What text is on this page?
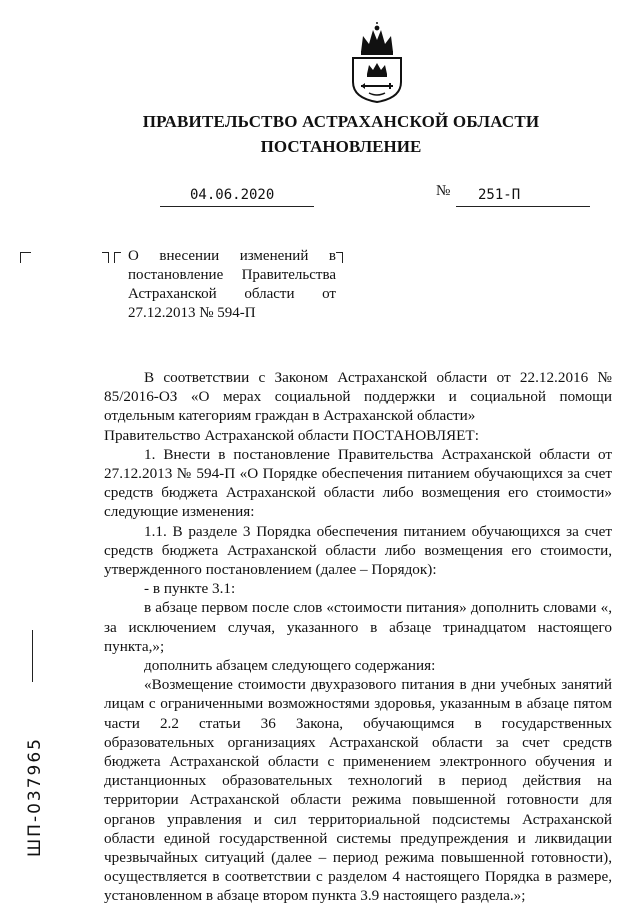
ПРАВИТЕЛЬСТВО АСТРАХАНСКОЙ ОБЛАСТИ
ПОСТАНОВЛЕНИЕ
04.06.2020	№ 251-П
О внесении изменений в
постановление Правительства
Астраханской области от
27.12.2013 № 594-П

В соответствии с Законом Астраханской области от 22.12.2016 № 85/2016-ОЗ «О мерах социальной поддержки и социальной помощи отдельным категориям граждан в Астраханской области»

Правительство Астраханской области ПОСТАНОВЛЯЕТ:

1. Внести в постановление Правительства Астраханской области от 27.12.2013 № 594-П «О Порядке обеспечения питанием обучающихся за счет средств бюджета Астраханской области либо возмещения его стоимости» следующие изменения:

1.1. В разделе 3 Порядка обеспечения питанием обучающихся за счет средств бюджета Астраханской области либо возмещения его стоимости, утвержденного постановлением (далее – Порядок):

- в пункте 3.1:

в абзаце первом после слов «стоимости питания» дополнить словами «, за исключением случая, указанного в абзаце тринадцатом настоящего пункта,»;

дополнить абзацем следующего содержания:

«Возмещение стоимости двухразового питания в дни учебных занятий лицам с ограниченными возможностями здоровья, указанным в абзаце пятом части 2.2 статьи 36 Закона, обучающимся в государственных образовательных организациях Астраханской области за счет средств бюджета Астраханской области с применением электронного обучения и дистанционных образовательных технологий в период действия на территории Астраханской области режима повышенной готовности для органов управления и сил территориальной подсистемы Астраханской области единой государственной системы предупреждения и ликвидации чрезвычайных ситуаций (далее – период режима повышенной готовности), осуществляется в соответствии с разделом 4 настоящего Порядка в размере, установленном в абзаце втором пункта 3.9 настоящего раздела.»;

ШП-037965
